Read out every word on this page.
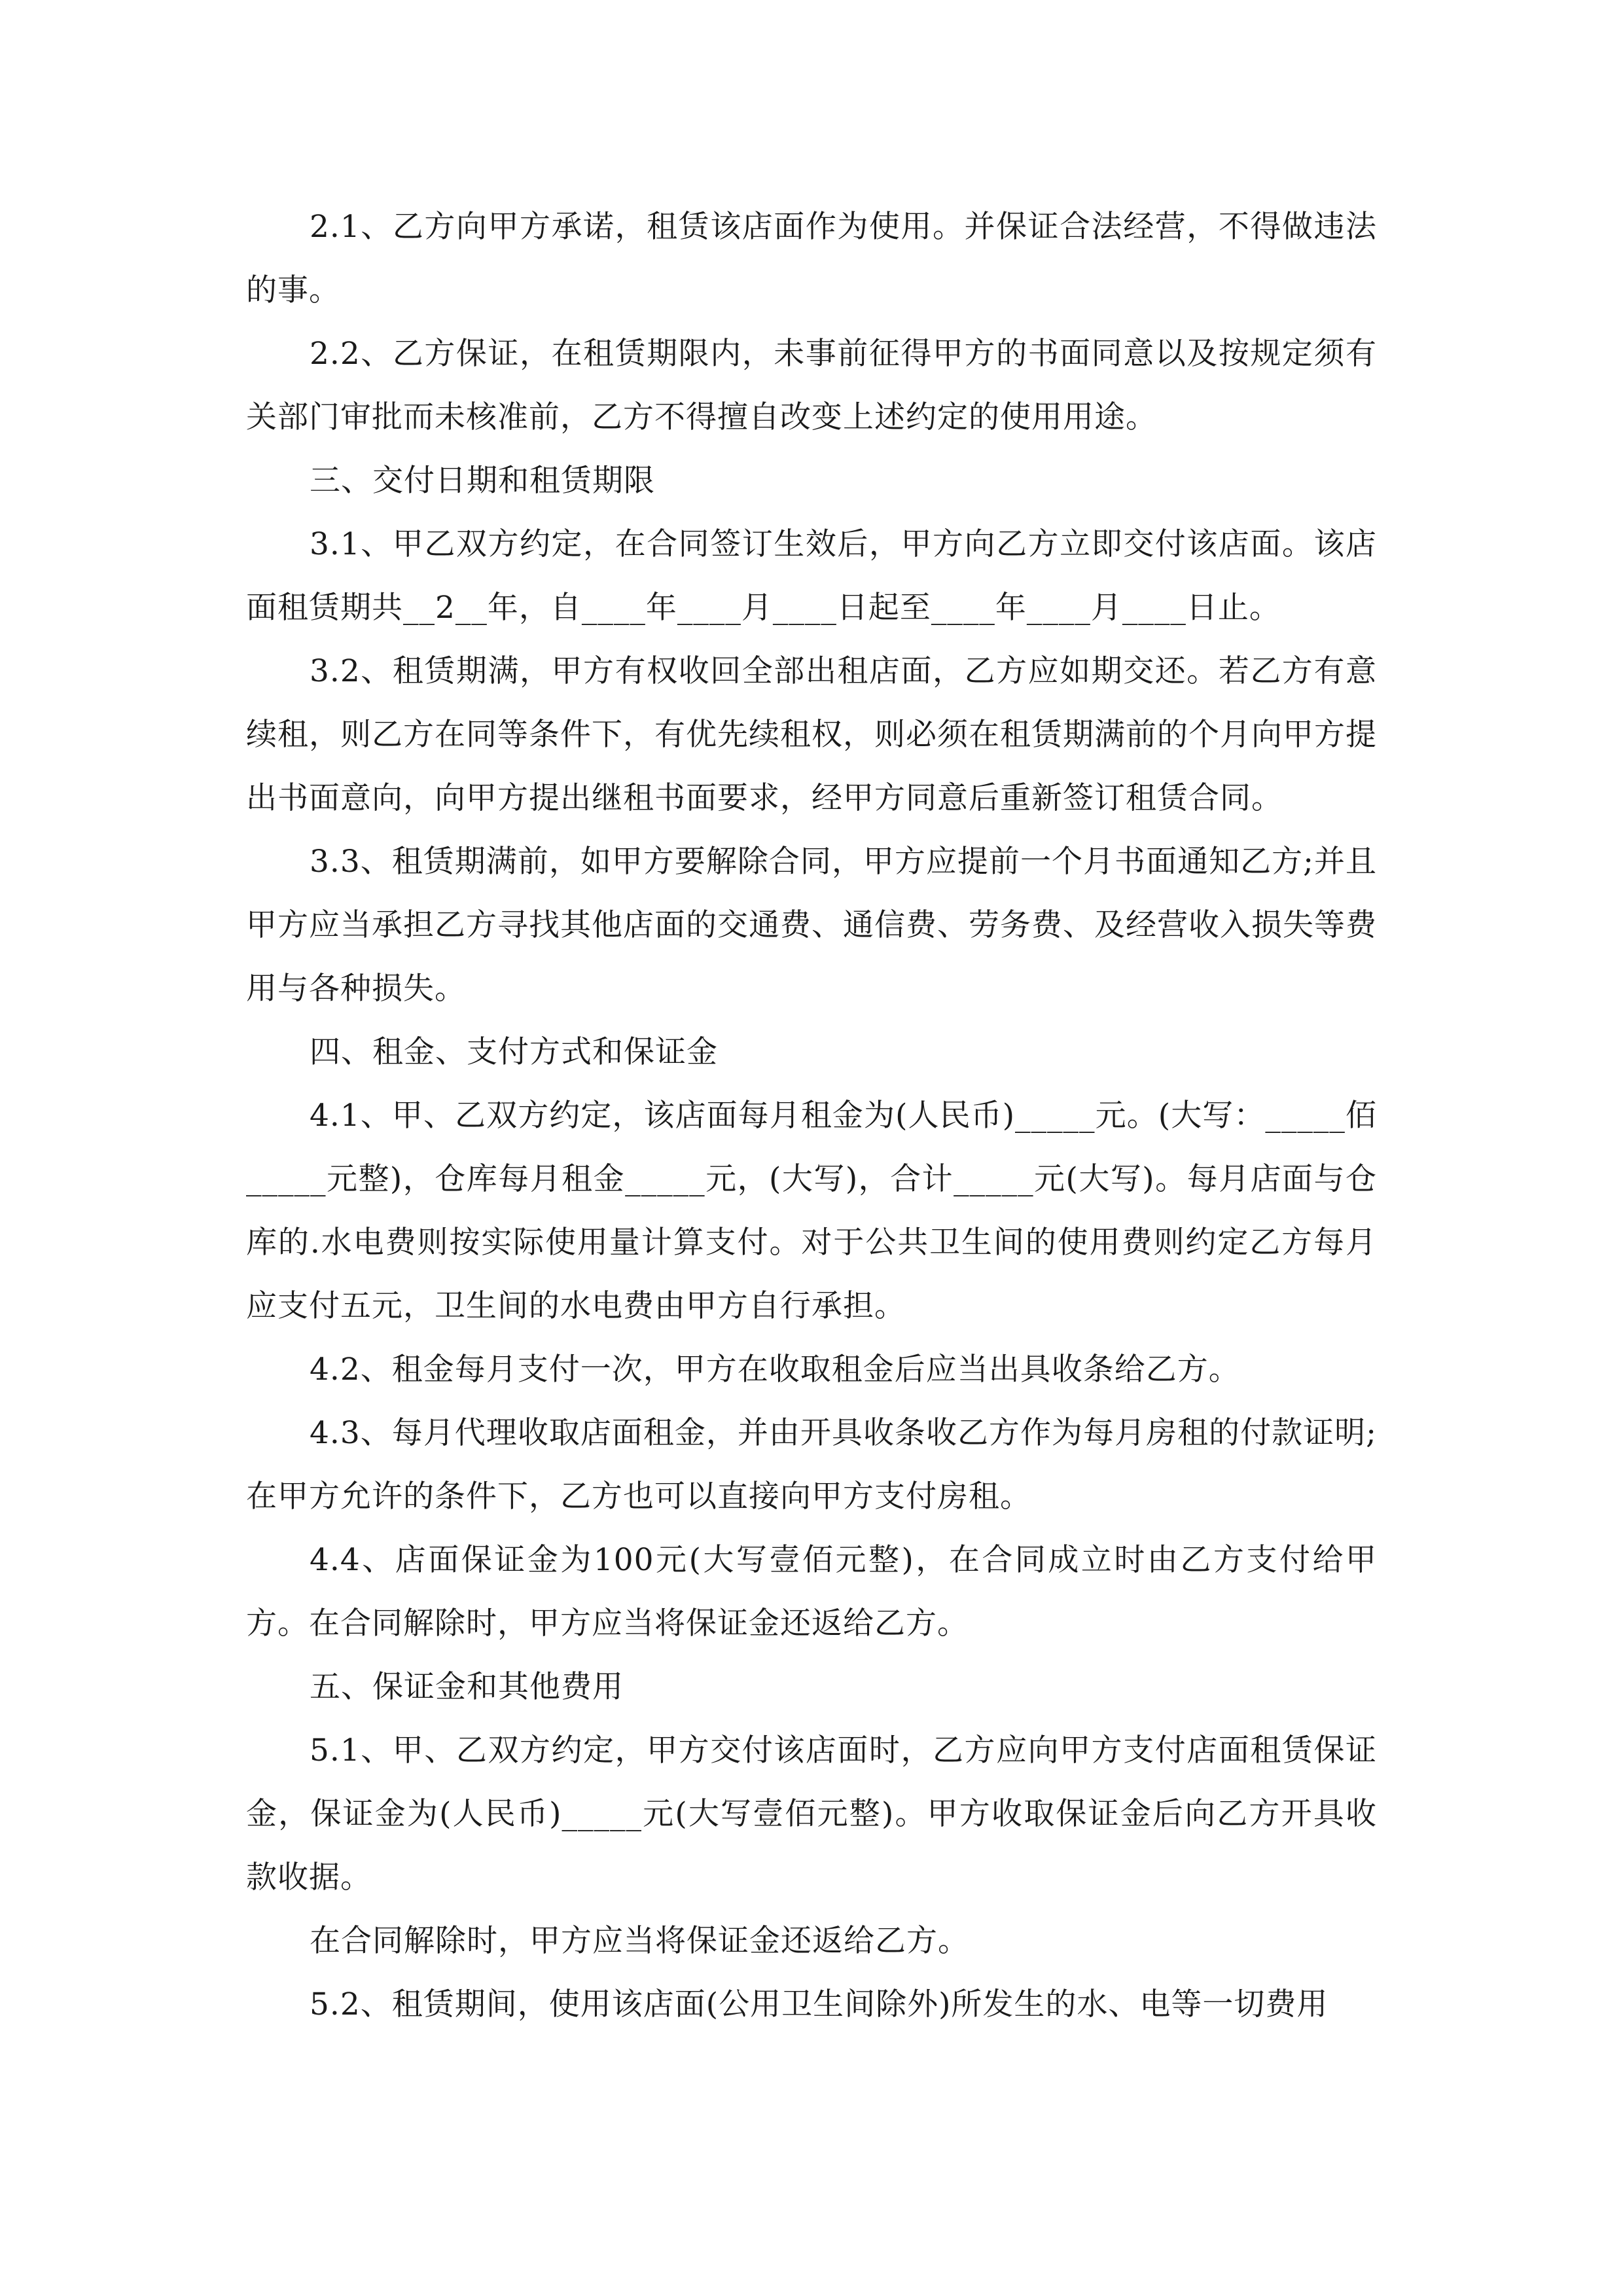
2.1、乙方向甲方承诺，租赁该店面作为使用。并保证合法经营，不得做违法的事。

2.2、乙方保证，在租赁期限内，未事前征得甲方的书面同意以及按规定须有关部门审批而未核准前，乙方不得擅自改变上述约定的使用用途。

三、交付日期和租赁期限

3.1、甲乙双方约定，在合同签订生效后，甲方向乙方立即交付该店面。该店面租赁期共__2__年，自____年____月____日起至____年____月____日止。

3.2、租赁期满，甲方有权收回全部出租店面，乙方应如期交还。若乙方有意续租，则乙方在同等条件下，有优先续租权，则必须在租赁期满前的个月向甲方提出书面意向，向甲方提出继租书面要求，经甲方同意后重新签订租赁合同。

3.3、租赁期满前，如甲方要解除合同，甲方应提前一个月书面通知乙方;并且甲方应当承担乙方寻找其他店面的交通费、通信费、劳务费、及经营收入损失等费用与各种损失。

四、租金、支付方式和保证金

4.1、甲、乙双方约定，该店面每月租金为(人民币)_____元。(大写：_____佰_____元整)，仓库每月租金_____元，(大写)，合计_____元(大写)。每月店面与仓库的.水电费则按实际使用量计算支付。对于公共卫生间的使用费则约定乙方每月应支付五元，卫生间的水电费由甲方自行承担。

4.2、租金每月支付一次，甲方在收取租金后应当出具收条给乙方。

4.3、每月代理收取店面租金，并由开具收条收乙方作为每月房租的付款证明;在甲方允许的条件下，乙方也可以直接向甲方支付房租。

4.4、店面保证金为100元(大写壹佰元整)，在合同成立时由乙方支付给甲方。在合同解除时，甲方应当将保证金还返给乙方。

五、保证金和其他费用

5.1、甲、乙双方约定，甲方交付该店面时，乙方应向甲方支付店面租赁保证金，保证金为(人民币)_____元(大写壹佰元整)。甲方收取保证金后向乙方开具收款收据。

在合同解除时，甲方应当将保证金还返给乙方。

5.2、租赁期间，使用该店面(公用卫生间除外)所发生的水、电等一切费用
